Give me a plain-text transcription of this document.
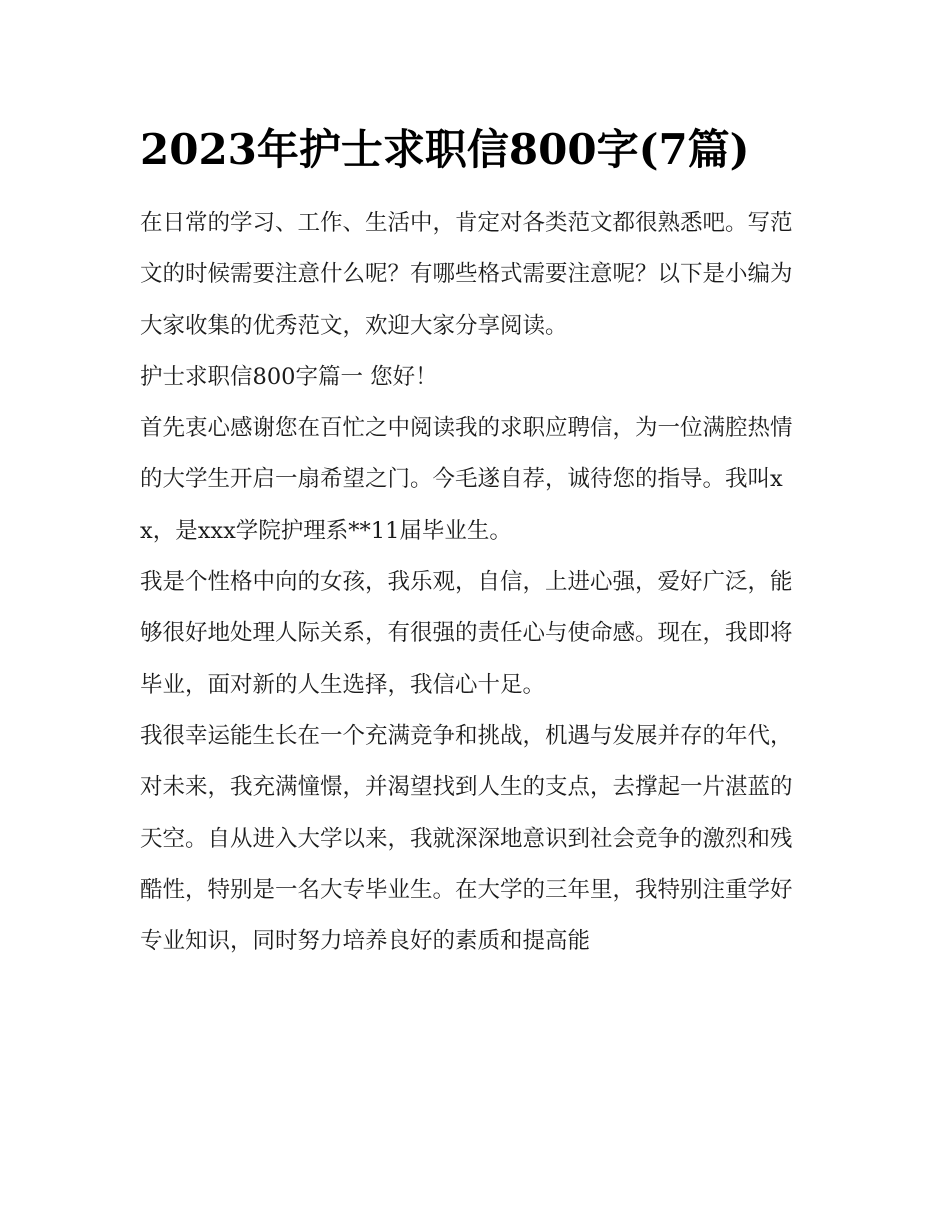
2023年护士求职信800字(7篇)

在日常的学习、工作、生活中，肯定对各类范文都很熟悉吧。写范文的时候需要注意什么呢？有哪些格式需要注意呢？以下是小编为大家收集的优秀范文，欢迎大家分享阅读。

护士求职信800字篇一 您好！

首先衷心感谢您在百忙之中阅读我的求职应聘信，为一位满腔热情的大学生开启一扇希望之门。今毛遂自荐，诚待您的指导。我叫xx，是xxx学院护理系**11届毕业生。

我是个性格中向的女孩，我乐观，自信，上进心强，爱好广泛，能够很好地处理人际关系，有很强的责任心与使命感。现在，我即将毕业，面对新的人生选择，我信心十足。

我很幸运能生长在一个充满竞争和挑战，机遇与发展并存的年代，

对未来，我充满憧憬，并渴望找到人生的支点，去撑起一片湛蓝的天空。自从进入大学以来，我就深深地意识到社会竞争的激烈和残酷性，特别是一名大专毕业生。在大学的三年里，我特别注重学好专业知识，同时努力培养良好的素质和提高能
